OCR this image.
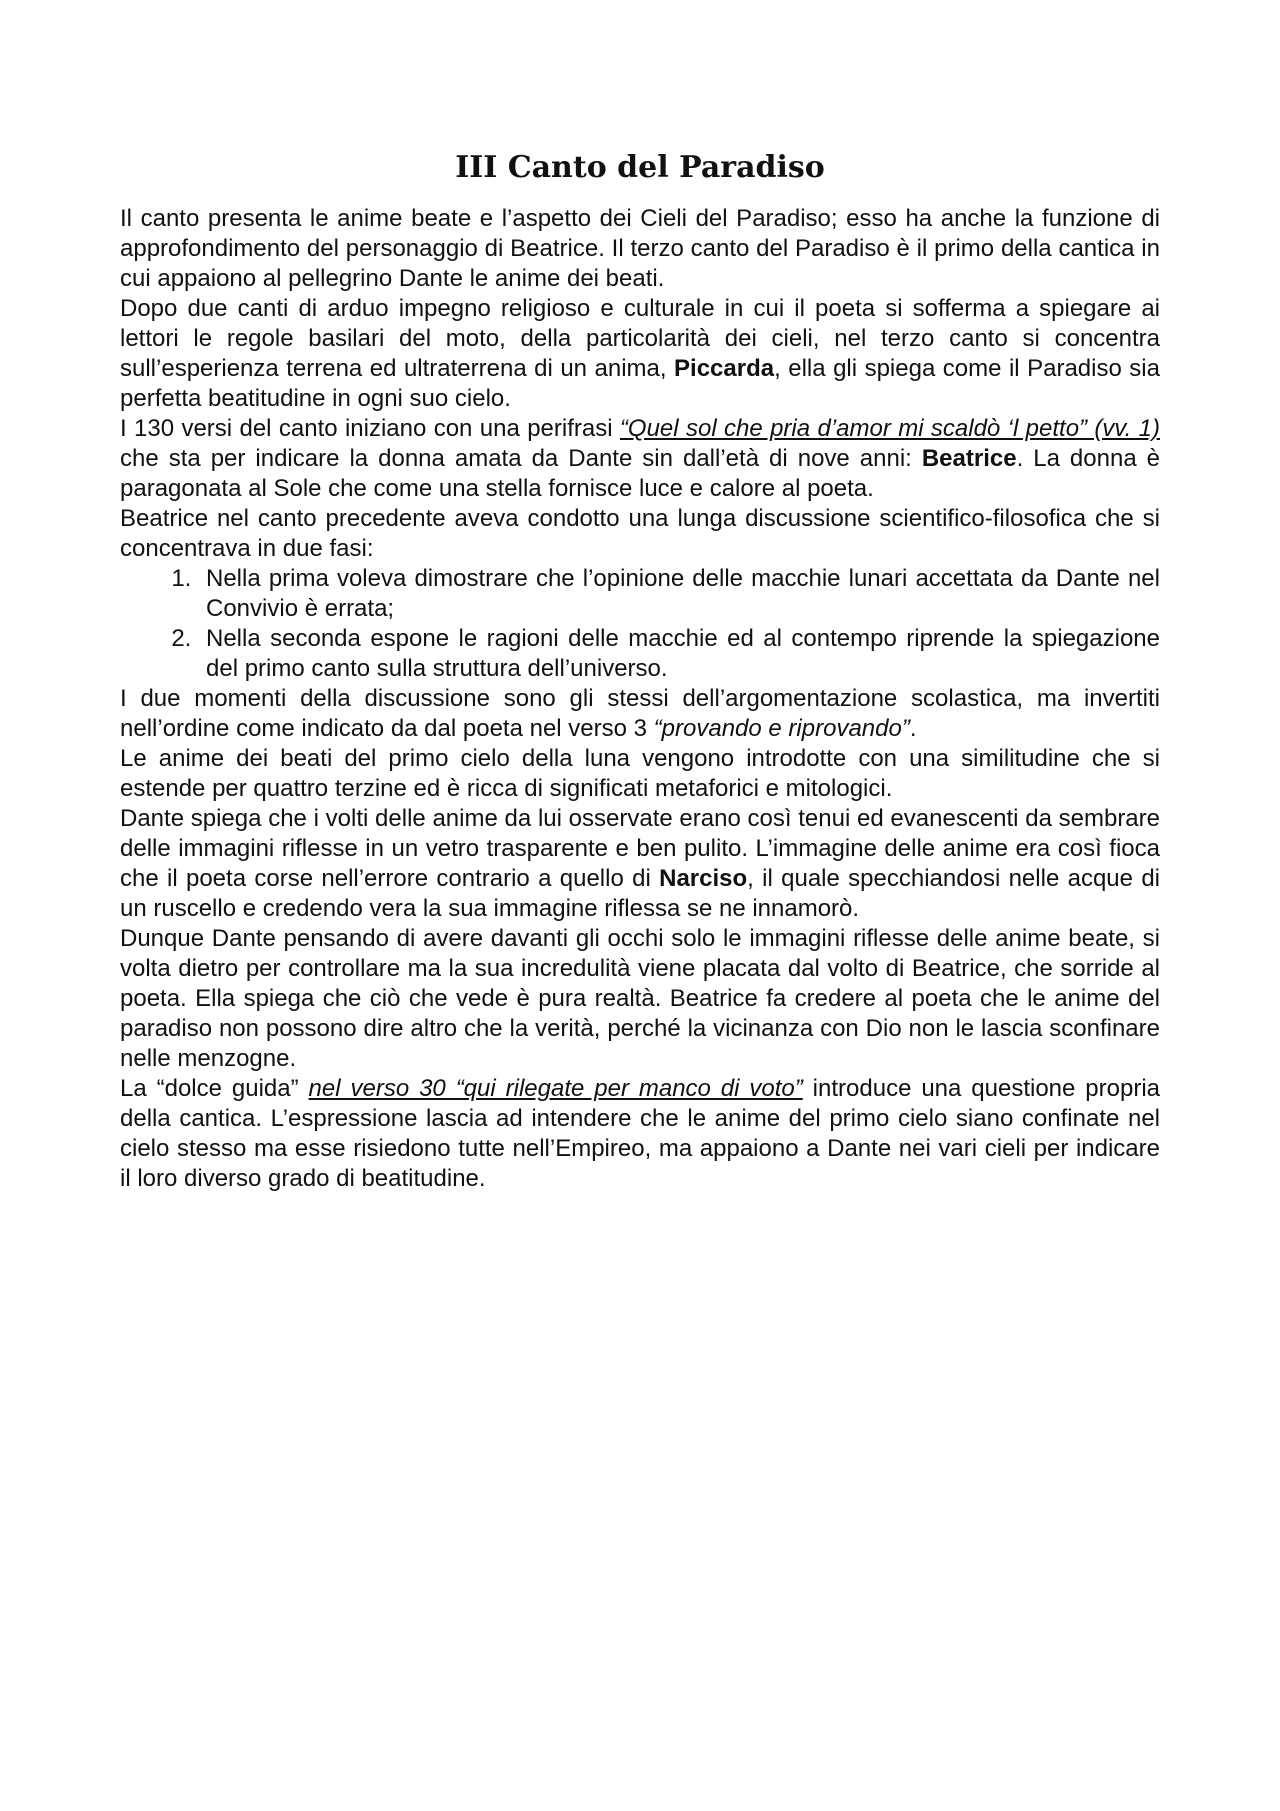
III Canto del Paradiso

Il canto presenta le anime beate e l’aspetto dei Cieli del Paradiso; esso ha anche la funzione di approfondimento del personaggio di Beatrice. Il terzo canto del Paradiso è il primo della cantica in cui appaiono al pellegrino Dante le anime dei beati.

Dopo due canti di arduo impegno religioso e culturale in cui il poeta si sofferma a spiegare ai lettori le regole basilari del moto, della particolarità dei cieli, nel terzo canto si concentra sull’esperienza terrena ed ultraterrena di un anima, Piccarda, ella gli spiega come il Paradiso sia perfetta beatitudine in ogni suo cielo.

I 130 versi del canto iniziano con una perifrasi “Quel sol che pria d’amor mi scaldò ‘l petto” (vv. 1) che sta per indicare la donna amata da Dante sin dall’età di nove anni: Beatrice. La donna è paragonata al Sole che come una stella fornisce luce e calore al poeta.

Beatrice nel canto precedente aveva condotto una lunga discussione scientifico-filosofica che si concentrava in due fasi:

1. Nella prima voleva dimostrare che l’opinione delle macchie lunari accettata da Dante nel Convivio è errata;
2. Nella seconda espone le ragioni delle macchie ed al contempo riprende la spiegazione del primo canto sulla struttura dell’universo.

I due momenti della discussione sono gli stessi dell’argomentazione scolastica, ma invertiti nell’ordine come indicato da dal poeta nel verso 3 “provando e riprovando”.

Le anime dei beati del primo cielo della luna vengono introdotte con una similitudine che si estende per quattro terzine ed è ricca di significati metaforici e mitologici.

Dante spiega che i volti delle anime da lui osservate erano così tenui ed evanescenti da sembrare delle immagini riflesse in un vetro trasparente e ben pulito. L’immagine delle anime era così fioca che il poeta corse nell’errore contrario a quello di Narciso, il quale specchiandosi nelle acque di un ruscello e credendo vera la sua immagine riflessa se ne innamorò.

Dunque Dante pensando di avere davanti gli occhi solo le immagini riflesse delle anime beate, si volta dietro per controllare ma la sua incredulità viene placata dal volto di Beatrice, che sorride al poeta. Ella spiega che ciò che vede è pura realtà. Beatrice fa credere al poeta che le anime del paradiso non possono dire altro che la verità, perché la vicinanza con Dio non le lascia sconfinare nelle menzogne.

La “dolce guida” nel verso 30 “qui rilegate per manco di voto” introduce una questione propria della cantica. L’espressione lascia ad intendere che le anime del primo cielo siano confinate nel cielo stesso ma esse risiedono tutte nell’Empireo, ma appaiono a Dante nei vari cieli per indicare il loro diverso grado di beatitudine.
